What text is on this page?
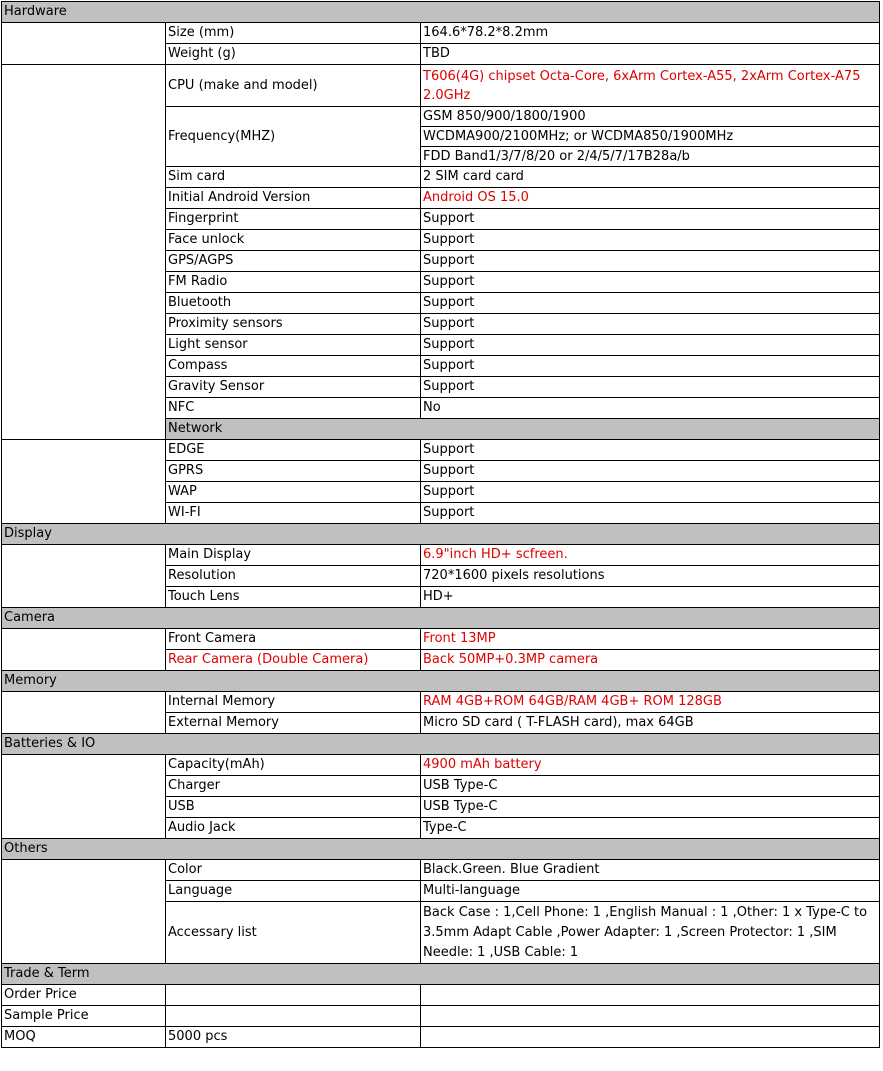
Hardware		
	Size (mm)	164.6*78.2*8.2mm
	Weight (g)	TBD
	CPU (make and model)	T606(4G) chipset Octa-Core, 6xArm Cortex-A55, 2xArm Cortex-A75 2.0GHz
	Frequency(MHZ)	GSM 850/900/1800/1900
		WCDMA900/2100MHz; or WCDMA850/1900MHz
		FDD Band1/3/7/8/20 or 2/4/5/7/17B28a/b
	Sim card	2 SIM card card
	Initial Android Version	Android OS 15.0
	Fingerprint	Support
	Face unlock	Support
	GPS/AGPS	Support
	FM Radio	Support
	Bluetooth	Support
	Proximity sensors	Support
	Light sensor	Support
	Compass	Support
	Gravity Sensor	Support
	NFC	No
	Network	
	EDGE	Support
	GPRS	Support
	WAP	Support
	WI-FI	Support
Display		
	Main Display	6.9"inch HD+ scfreen.
	Resolution	720*1600 pixels resolutions
	Touch Lens	HD+
Camera		
	Front Camera	Front 13MP
	Rear Camera (Double Camera)	Back 50MP+0.3MP camera
Memory		
	Internal Memory	RAM 4GB+ROM 64GB/RAM 4GB+ ROM 128GB
	External Memory	Micro SD card ( T-FLASH card), max 64GB
Batteries & IO		
	Capacity(mAh)	4900 mAh battery
	Charger	USB Type-C
	USB	USB Type-C
	Audio Jack	Type-C
Others		
	Color	Black.Green. Blue Gradient
	Language	Multi-language
	Accessary list	Back Case : 1,Cell Phone: 1 ,English Manual : 1 ,Other: 1 x Type-C to 3.5mm Adapt Cable ,Power Adapter: 1 ,Screen Protector: 1 ,SIM Needle: 1 ,USB Cable: 1
Trade & Term		
Order Price		
Sample Price		
MOQ	5000 pcs	
